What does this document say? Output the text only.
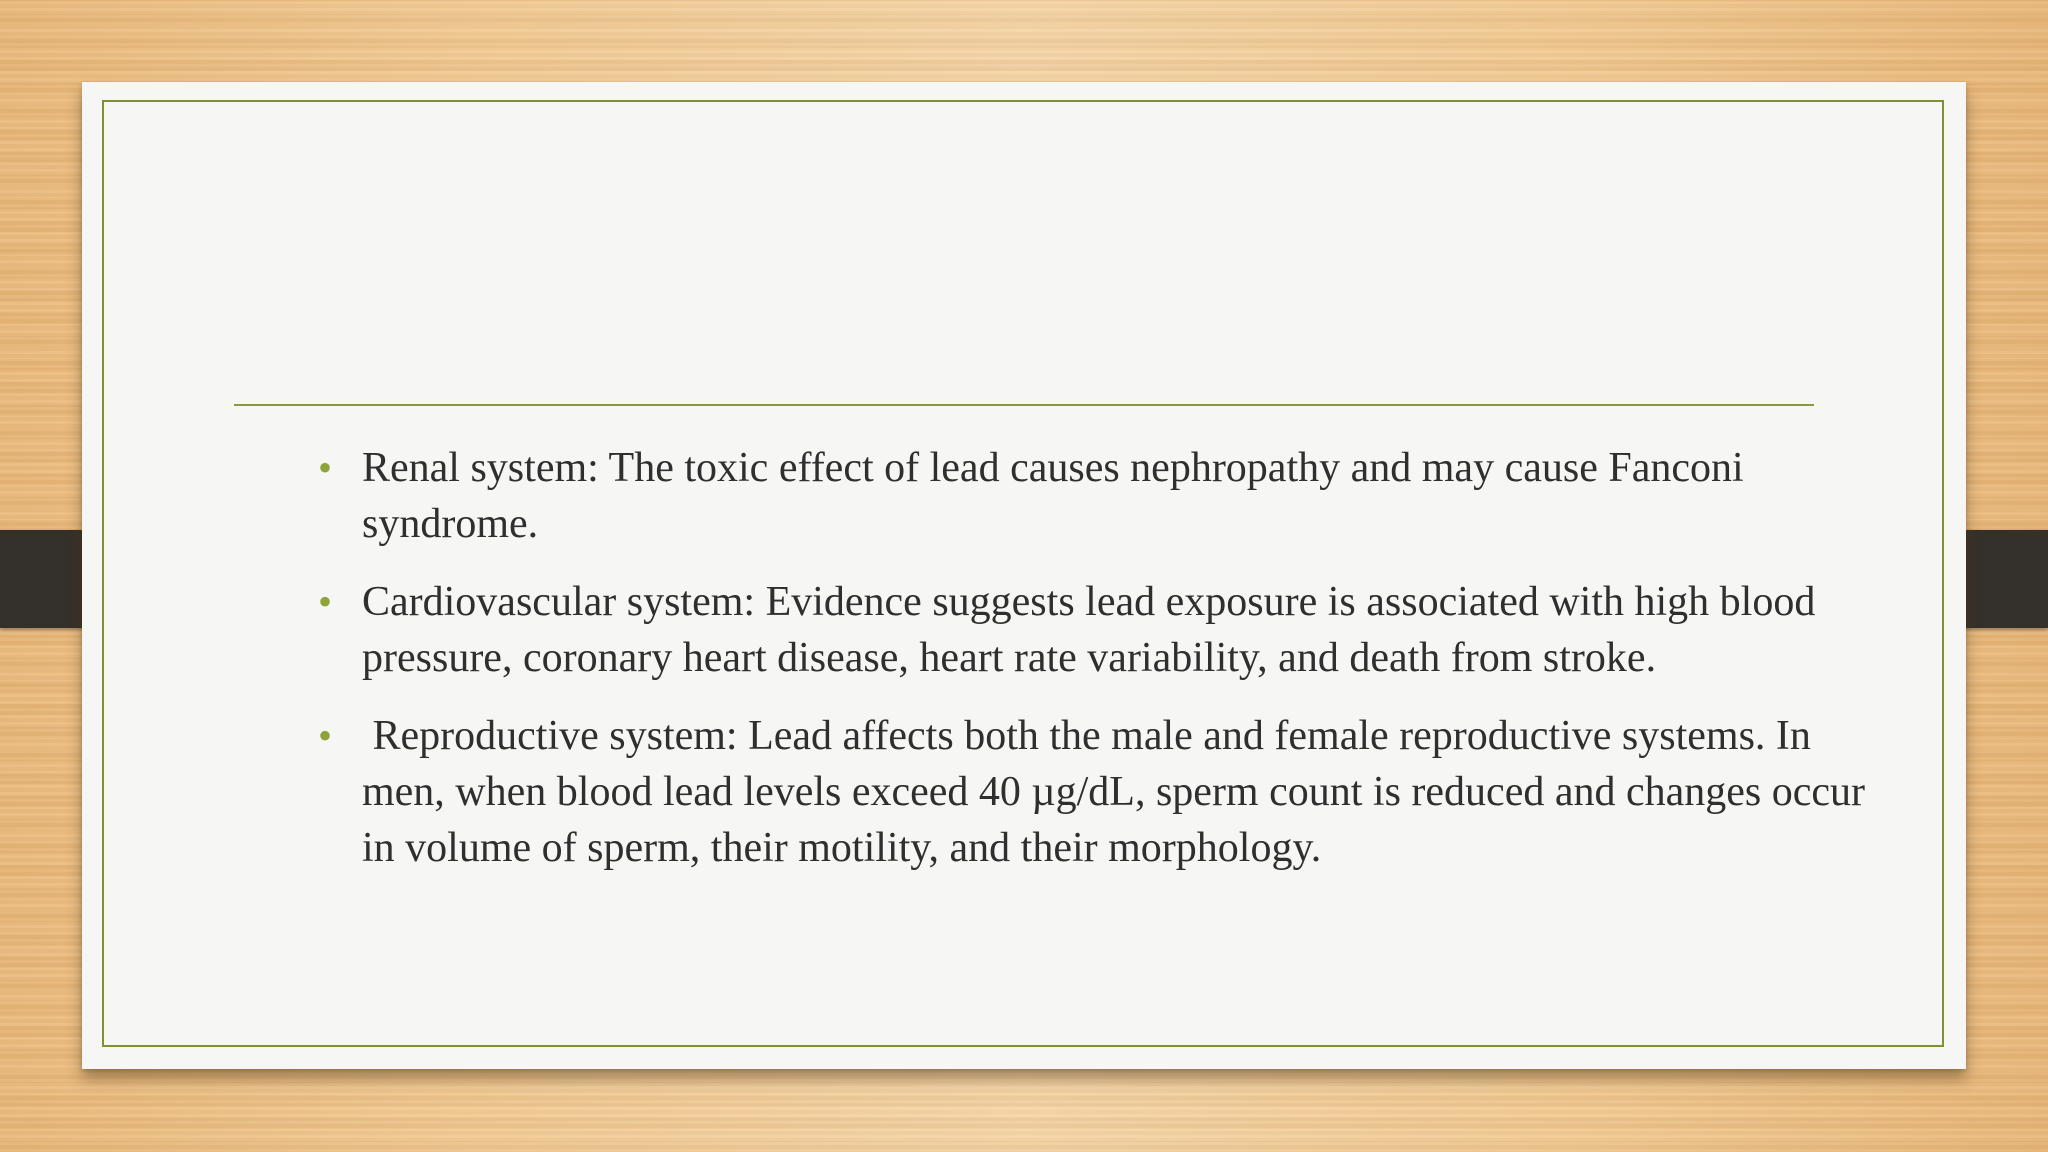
• Renal system: The toxic effect of lead causes nephropathy and may cause Fanconi syndrome.
• Cardiovascular system: Evidence suggests lead exposure is associated with high blood pressure, coronary heart disease, heart rate variability, and death from stroke.
• Reproductive system: Lead affects both the male and female reproductive systems. In men, when blood lead levels exceed 40 µg/dL, sperm count is reduced and changes occur in volume of sperm, their motility, and their morphology.
